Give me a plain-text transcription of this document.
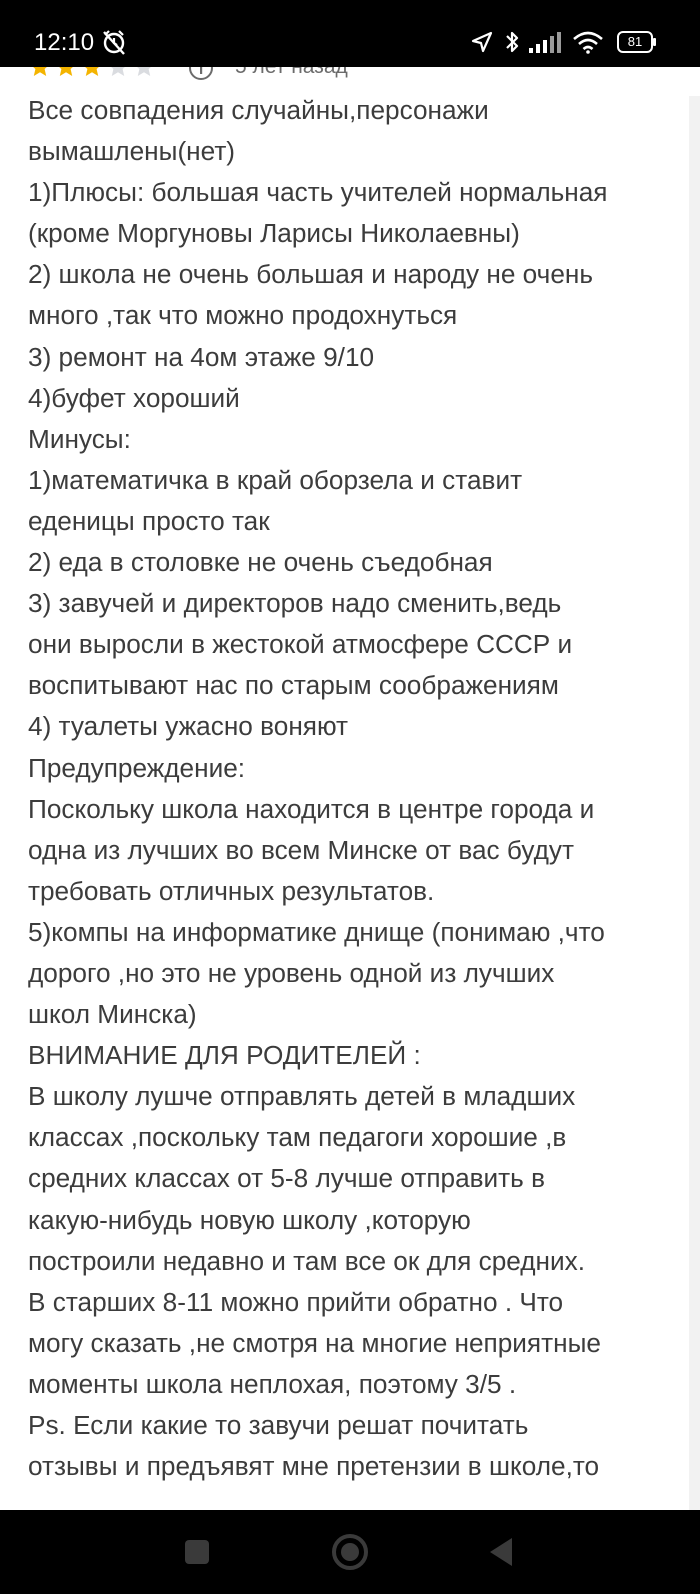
12:10	81
Все совпадения случайны,персонажи
вымашлены(нет)
1)Плюсы: большая часть учителей нормальная
(кроме Моргуновы Ларисы Николаевны)
2) школа не очень большая и народу не очень
много ,так что можно продохнуться
3) ремонт на 4ом этаже 9/10
4)буфет хороший
Минусы:
1)математичка в край оборзела и ставит
еденицы просто так
2) еда в столовке не очень съедобная
3) завучей и директоров надо сменить,ведь
они выросли в жестокой атмосфере СССР и
воспитывают нас по старым соображениям
4) туалеты ужасно воняют
Предупреждение:
Поскольку школа находится в центре города и
одна из лучших во всем Минске от вас будут
требовать отличных результатов.
5)компы на информатике днище (понимаю ,что
дорого ,но это не уровень одной из лучших
школ Минска)
ВНИМАНИЕ ДЛЯ РОДИТЕЛЕЙ :
В школу лушче отправлять детей в младших
классах ,поскольку там педагоги хорошие ,в
средних классах от 5-8 лучше отправить в
какую-нибудь новую школу ,которую
построили недавно и там все ок для средних.
В старших 8-11 можно прийти обратно . Что
могу сказать ,не смотря на многие неприятные
моменты школа неплохая, поэтому 3/5 .
Ps. Если какие то завучи решат почитать
отзывы и предъявят мне претензии в школе,то
